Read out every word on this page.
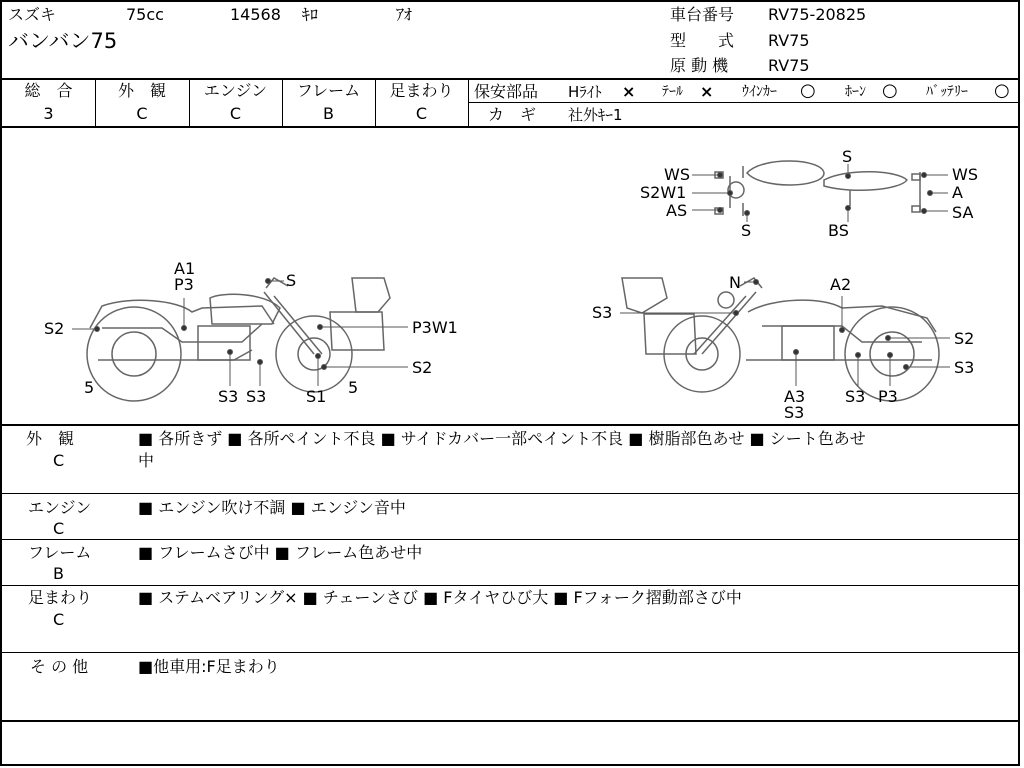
スズキ	75cc	14568 ｷﾛ	ｱｵ
バンバン75
車台番号 RV75-20825
型　　式 RV75
原 動 機 RV75
総　合
3
外　観
C
エンジン
C
フレーム
B
足まわり
C
保安部品 Hﾗｲﾄ × ﾃｰﾙ × ｳｲﾝｶｰ ○ ﾎｰﾝ ○ ﾊﾞｯﾃﾘｰ ○
カ　ギ 社外ｷｰ1
WS
S2W1
AS
S
S
BS
WS
A
SA
A1
P3	S
S2	P3W1
S2
5	S3 S3 S1 5
N	A2
S3
S2
S3
A3
S3
S3 P3
外　観
C
■ 各所きず ■ 各所ペイント不良 ■ サイドカバー一部ペイント不良 ■ 樹脂部色あせ ■ シート色あせ
中
エンジン
C
■ エンジン吹け不調 ■ エンジン音中
フレーム
B
■ フレームさび中 ■ フレーム色あせ中
足まわり
C
■ ステムベアリング× ■ チェーンさび ■ Fタイヤひび大 ■ Fフォーク摺動部さび中
そ の 他	■他車用:F足まわり
